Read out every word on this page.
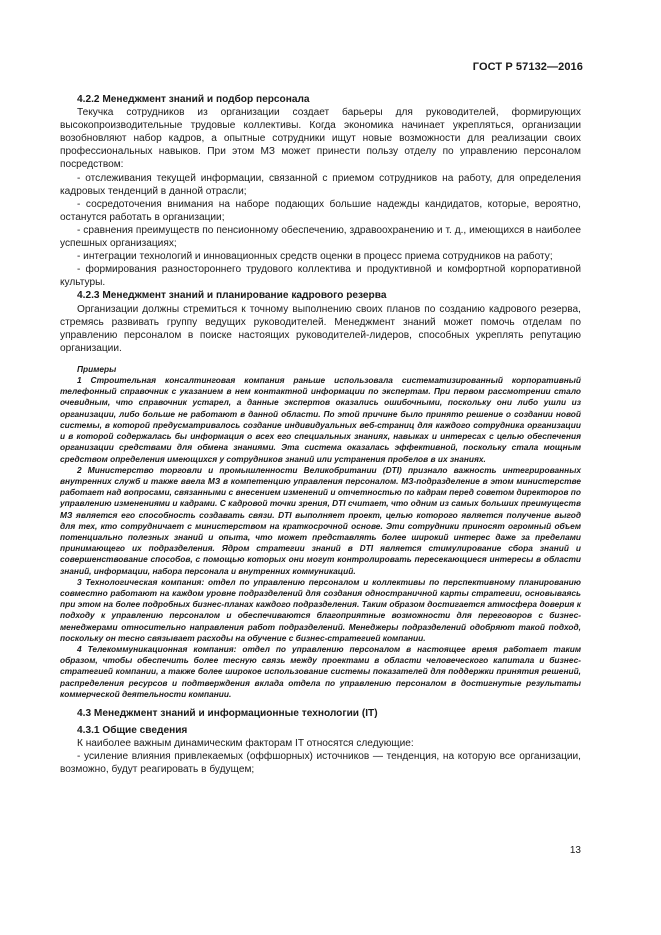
ГОСТ Р 57132—2016

4.2.2 Менеджмент знаний и подбор персонала

Текучка сотрудников из организации создает барьеры для руководителей, формирующих высокопроизводительные трудовые коллективы. Когда экономика начинает укрепляться, организации возобновляют набор кадров, а опытные сотрудники ищут новые возможности для реализации своих профессиональных навыков. При этом МЗ может принести пользу отделу по управлению персоналом посредством:

- отслеживания текущей информации, связанной с приемом сотрудников на работу, для определения кадровых тенденций в данной отрасли;

- сосредоточения внимания на наборе подающих большие надежды кандидатов, которые, вероятно, останутся работать в организации;

- сравнения преимуществ по пенсионному обеспечению, здравоохранению и т. д., имеющихся в наиболее успешных организациях;

- интеграции технологий и инновационных средств оценки в процесс приема сотрудников на работу;

- формирования разностороннего трудового коллектива и продуктивной и комфортной корпоративной культуры.

4.2.3 Менеджмент знаний и планирование кадрового резерва

Организации должны стремиться к точному выполнению своих планов по созданию кадрового резерва, стремясь развивать группу ведущих руководителей. Менеджмент знаний может помочь отделам по управлению персоналом в поиске настоящих руководителей-лидеров, способных укреплять репутацию организации.

Примеры

1 Строительная консалтинговая компания раньше использовала систематизированный корпоративный телефонный справочник с указанием в нем контактной информации по экспертам. При первом рассмотрении стало очевидным, что справочник устарел, а данные экспертов оказались ошибочными, поскольку они либо ушли из организации, либо больше не работают в данной области. По этой причине было принято решение о создании новой системы, в которой предусматривалось создание индивидуальных веб-страниц для каждого сотрудника организации и в которой содержалась бы информация о всех его специальных знаниях, навыках и интересах с целью обеспечения организации средствами для обмена знаниями. Эта система оказалась эффективной, поскольку стала мощным средством определения имеющихся у сотрудников знаний или устранения пробелов в их знаниях.

2 Министерство торговли и промышленности Великобритании (DTI) признало важность интегрированных внутренних служб и также ввела МЗ в компетенцию управления персоналом. МЗ-подразделение в этом министерстве работает над вопросами, связанными с внесением изменений и отчетностью по кадрам перед советом директоров по управлению изменениями и кадрами. С кадровой точки зрения, DTI считает, что одним из самых больших преимуществ МЗ является его способность создавать связи. DTI выполняет проект, целью которого является получение выгод для тех, кто сотрудничает с министерством на краткосрочной основе. Эти сотрудники приносят огромный объем потенциально полезных знаний и опыта, что может представлять более широкий интерес даже за пределами принимающего их подразделения. Ядром стратегии знаний в DTI является стимулирование сбора знаний и совершенствование способов, с помощью которых они могут контролировать пересекающиеся интересы в области знаний, информации, набора персонала и внутренних коммуникаций.

3 Технологическая компания: отдел по управлению персоналом и коллективы по перспективному планированию совместно работают на каждом уровне подразделений для создания одностраничной карты стратегии, основываясь при этом на более подробных бизнес-планах каждого подразделения. Таким образом достигается атмосфера доверия к подходу к управлению персоналом и обеспечиваются благоприятные возможности для переговоров с бизнес-менеджерами относительно направления работ подразделений. Менеджеры подразделений одобряют такой подход, поскольку он тесно связывает расходы на обучение с бизнес-стратегией компании.

4 Телекоммуникационная компания: отдел по управлению персоналом в настоящее время работает таким образом, чтобы обеспечить более тесную связь между проектами в области человеческого капитала и бизнес-стратегией компании, а также более широкое использование системы показателей для поддержки принятия решений, распределения ресурсов и подтверждения вклада отдела по управлению персоналом в достигнутые результаты коммерческой деятельности компании.

4.3 Менеджмент знаний и информационные технологии (IT)

4.3.1 Общие сведения

К наиболее важным динамическим факторам IT относятся следующие:

- усиление влияния привлекаемых (оффшорных) источников — тенденция, на которую все организации, возможно, будут реагировать в будущем;

13
